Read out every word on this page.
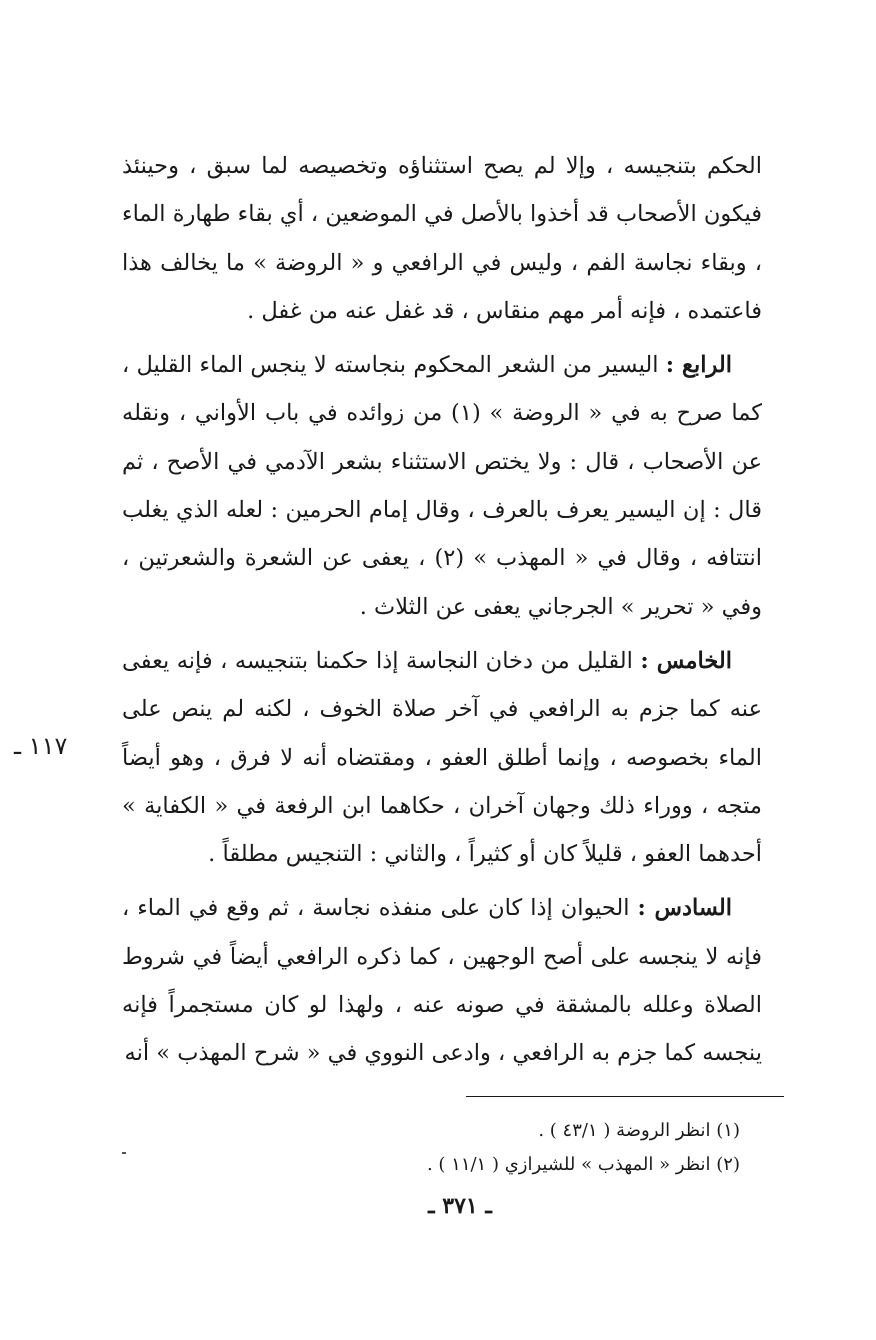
الحكم بتنجيسه ، وإلا لم يصح استثناؤه وتخصيصه لما سبق ، وحينئذ فيكون الأصحاب قد أخذوا بالأصل في الموضعين ، أي بقاء طهارة الماء ، وبقاء نجاسة الفم ، وليس في الرافعي و « الروضة » ما يخالف هذا فاعتمده ، فإنه أمر مهم منقاس ، قد غفل عنه من غفل .

الرابع : اليسير من الشعر المحكوم بنجاسته لا ينجس الماء القليل ، كما صرح به في « الروضة » (١) من زوائده في باب الأواني ، ونقله عن الأصحاب ، قال : ولا يختص الاستثناء بشعر الآدمي في الأصح ، ثم قال : إن اليسير يعرف بالعرف ، وقال إمام الحرمين : لعله الذي يغلب انتتافه ، وقال في « المهذب » (٢) ، يعفى عن الشعرة والشعرتين ، وفي « تحرير » الجرجاني يعفى عن الثلاث .

الخامس : القليل من دخان النجاسة إذا حكمنا بتنجيسه ، فإنه يعفى عنه كما جزم به الرافعي في آخر صلاة الخوف ، لكنه لم ينص على الماء بخصوصه ، وإنما أطلق العفو ، ومقتضاه أنه لا فرق ، وهو أيضاً متجه ، ووراء ذلك وجهان آخران ، حكاهما ابن الرفعة في « الكفاية » أحدهما العفو ، قليلاً كان أو كثيراً ، والثاني : التنجيس مطلقاً .

السادس : الحيوان إذا كان على منفذه نجاسة ، ثم وقع في الماء ، فإنه لا ينجسه على أصح الوجهين ، كما ذكره الرافعي أيضاً في شروط الصلاة وعلله بالمشقة في صونه عنه ، ولهذا لو كان مستجمراً فإنه ينجسه كما جزم به الرافعي ، وادعى النووي في « شرح المهذب » أنه

١١٧ ـ

(١) انظر الروضة ( ٤٣/١ ) .

(٢) انظر « المهذب » للشيرازي ( ١١/١ ) .

ـ ٣٧١ ـ
